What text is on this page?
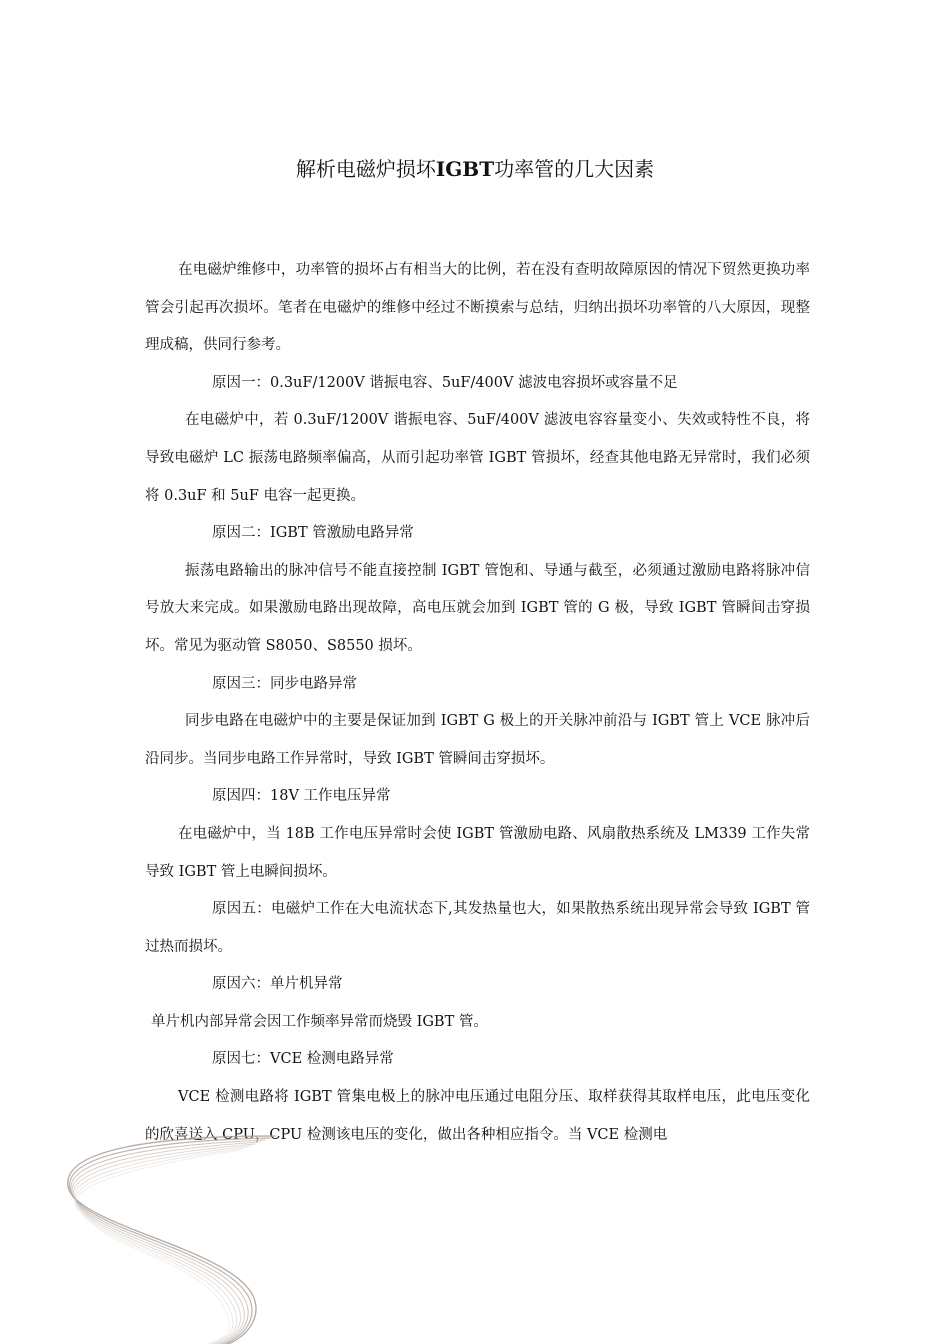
解析电磁炉损坏IGBT功率管的几大因素

在电磁炉维修中，功率管的损坏占有相当大的比例，若在没有查明故障原因的情况下贸然更换功率管会引起再次损坏。笔者在电磁炉的维修中经过不断摸索与总结，归纳出损坏功率管的八大原因，现整理成稿，供同行参考。

原因一：0.3uF/1200V 谐振电容、5uF/400V 滤波电容损坏或容量不足

在电磁炉中，若 0.3uF/1200V 谐振电容、5uF/400V 滤波电容容量变小、失效或特性不良，将导致电磁炉 LC 振荡电路频率偏高，从而引起功率管 IGBT 管损坏，经查其他电路无异常时，我们必须将 0.3uF 和 5uF 电容一起更换。

原因二：IGBT 管激励电路异常

振荡电路输出的脉冲信号不能直接控制 IGBT 管饱和、导通与截至，必须通过激励电路将脉冲信号放大来完成。如果激励电路出现故障，高电压就会加到 IGBT 管的 G 极，导致 IGBT 管瞬间击穿损坏。常见为驱动管 S8050、S8550 损坏。

原因三：同步电路异常

同步电路在电磁炉中的主要是保证加到 IGBT G 极上的开关脉冲前沿与 IGBT 管上 VCE 脉冲后沿同步。当同步电路工作异常时，导致 IGBT 管瞬间击穿损坏。

原因四：18V 工作电压异常

在电磁炉中，当 18B 工作电压异常时会使 IGBT 管激励电路、风扇散热系统及 LM339 工作失常导致 IGBT 管上电瞬间损坏。

原因五：电磁炉工作在大电流状态下,其发热量也大，如果散热系统出现异常会导致 IGBT 管过热而损坏。

原因六：单片机异常

单片机内部异常会因工作频率异常而烧毁 IGBT 管。

原因七：VCE 检测电路异常

VCE 检测电路将 IGBT 管集电极上的脉冲电压通过电阻分压、取样获得其取样电压，此电压变化的欣喜送入 CPU，CPU 检测该电压的变化，做出各种相应指令。当 VCE 检测电
